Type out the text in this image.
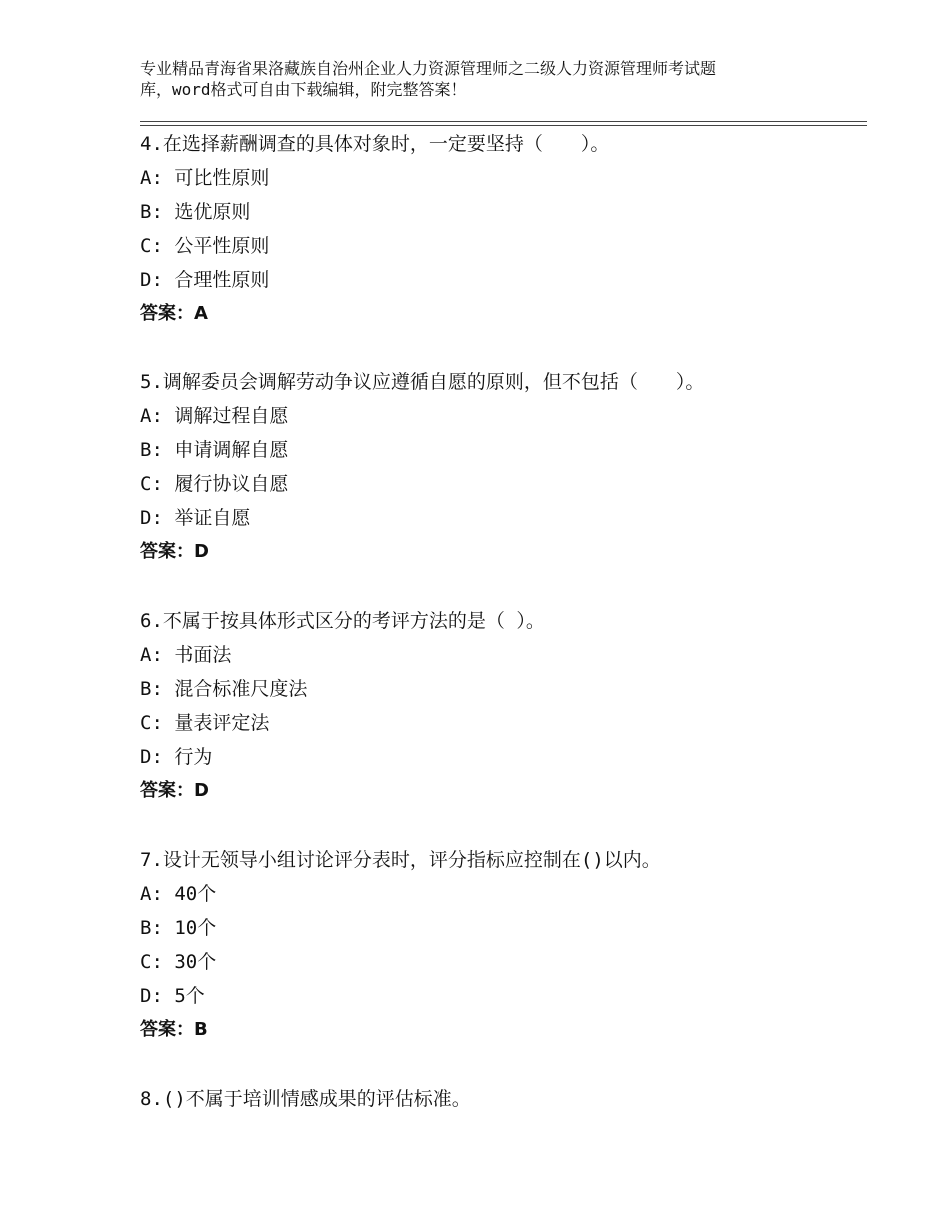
专业精品青海省果洛藏族自治州企业人力资源管理师之二级人力资源管理师考试题
库，word格式可自由下载编辑，附完整答案！
4.在选择薪酬调查的具体对象时，一定要坚持（　　）。
A: 可比性原则
B: 选优原则
C: 公平性原则
D: 合理性原则
答案：A
5.调解委员会调解劳动争议应遵循自愿的原则，但不包括（　　）。
A: 调解过程自愿
B: 申请调解自愿
C: 履行协议自愿
D: 举证自愿
答案：D
6.不属于按具体形式区分的考评方法的是（ ）。
A: 书面法
B: 混合标准尺度法
C: 量表评定法
D: 行为
答案：D
7.设计无领导小组讨论评分表时，评分指标应控制在()以内。
A: 40个
B: 10个
C: 30个
D: 5个
答案：B
8.()不属于培训情感成果的评估标准。
